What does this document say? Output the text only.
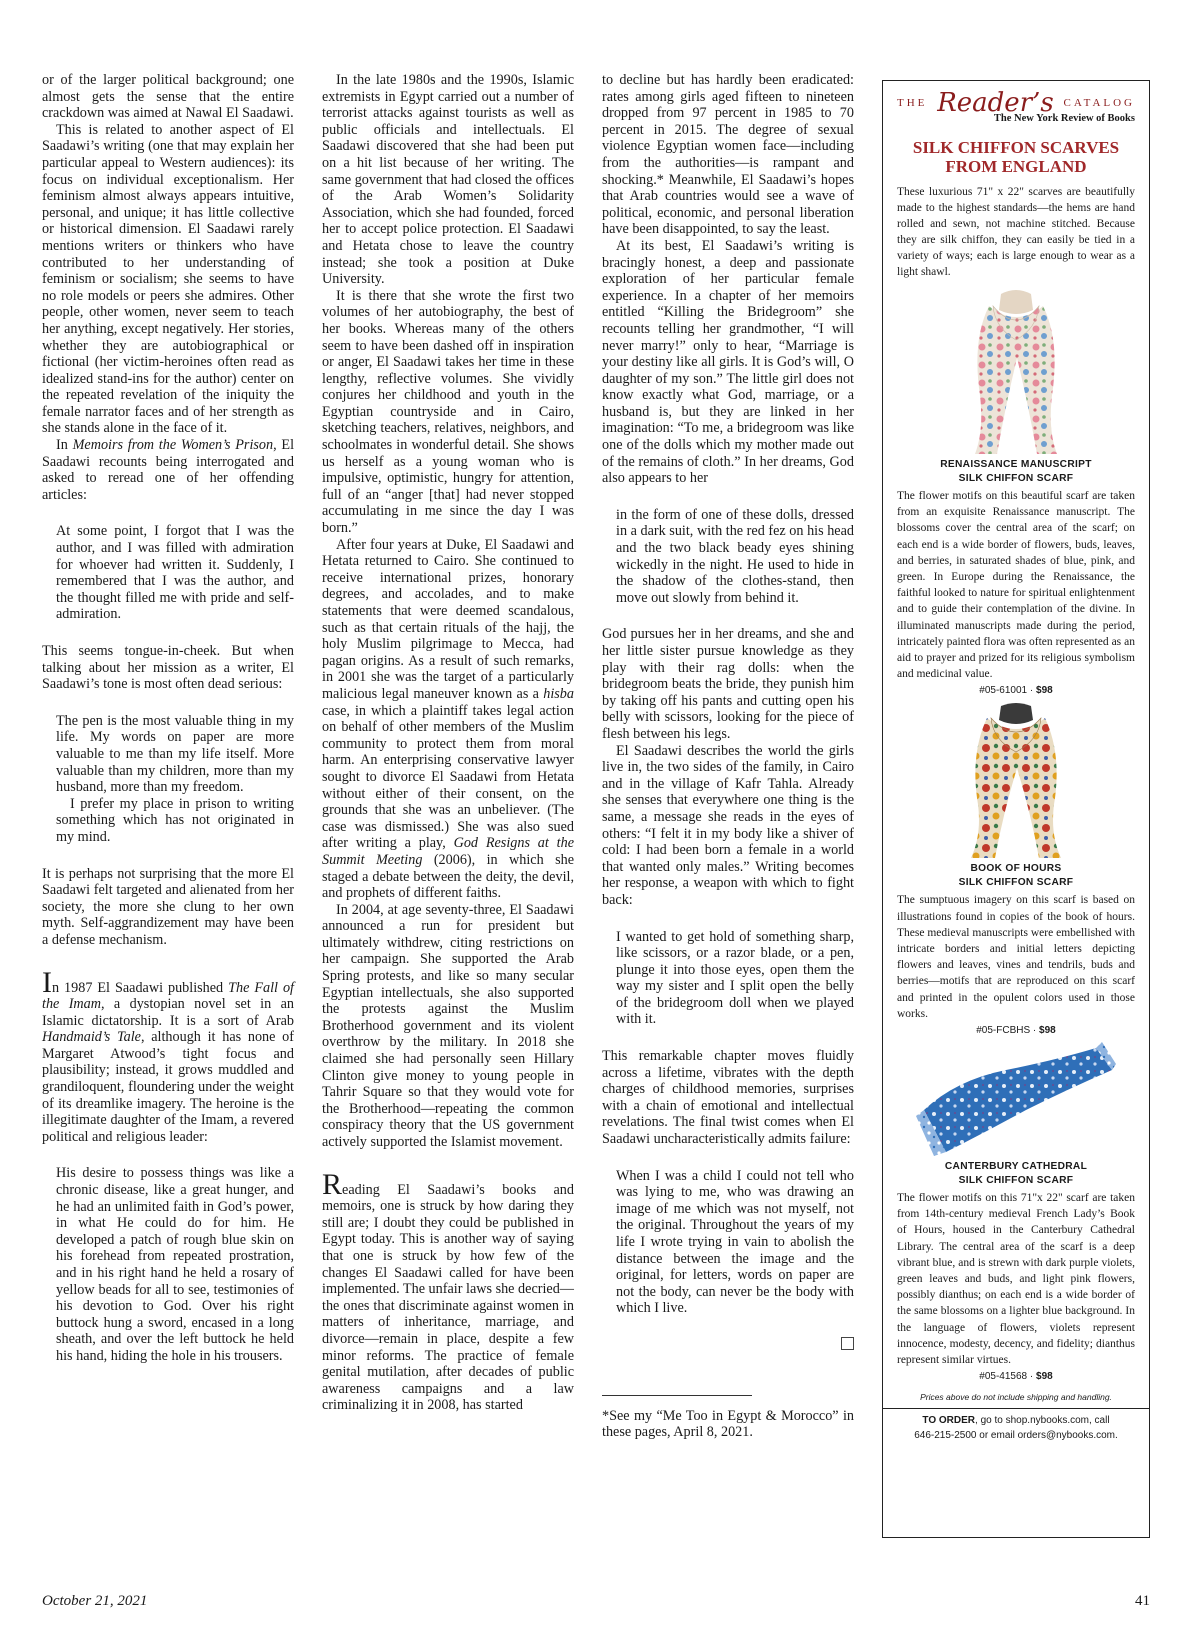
or of the larger political background; one almost gets the sense that the entire crackdown was aimed at Nawal El Saadawi.

This is related to another aspect of El Saadawi’s writing (one that may explain her particular appeal to Western audiences): its focus on individual exceptionalism. Her feminism almost always appears intuitive, personal, and unique; it has little collective or historical dimension. El Saadawi rarely mentions writers or thinkers who have contributed to her understanding of feminism or socialism; she seems to have no role models or peers she admires. Other people, other women, never seem to teach her anything, except negatively. Her stories, whether they are autobiographical or fictional (her victim-heroines often read as idealized stand-ins for the author) center on the repeated revelation of the iniquity the female narrator faces and of her strength as she stands alone in the face of it.

In Memoirs from the Women’s Prison, El Saadawi recounts being interrogated and asked to reread one of her offending articles:

At some point, I forgot that I was the author, and I was filled with admiration for whoever had written it. Suddenly, I remembered that I was the author, and the thought filled me with pride and self-admiration.

This seems tongue-in-cheek. But when talking about her mission as a writer, El Saadawi’s tone is most often dead serious:

The pen is the most valuable thing in my life. My words on paper are more valuable to me than my life itself. More valuable than my children, more than my husband, more than my freedom.

I prefer my place in prison to writing something which has not originated in my mind.

It is perhaps not surprising that the more El Saadawi felt targeted and alienated from her society, the more she clung to her own myth. Self-aggrandizement may have been a defense mechanism.

In 1987 El Saadawi published The Fall of the Imam, a dystopian novel set in an Islamic dictatorship. It is a sort of Arab Handmaid’s Tale, although it has none of Margaret Atwood’s tight focus and plausibility; instead, it grows muddled and grandiloquent, floundering under the weight of its dreamlike imagery. The heroine is the illegitimate daughter of the Imam, a revered political and religious leader:

His desire to possess things was like a chronic disease, like a great hunger, and he had an unlimited faith in God’s power, in what He could do for him. He developed a patch of rough blue skin on his forehead from repeated prostration, and in his right hand he held a rosary of yellow beads for all to see, testimonies of his devotion to God. Over his right buttock hung a sword, encased in a long sheath, and over the left buttock he held his hand, hiding the hole in his trousers.

In the late 1980s and the 1990s, Islamic extremists in Egypt carried out a number of terrorist attacks against tourists as well as public officials and intellectuals. El Saadawi discovered that she had been put on a hit list because of her writing. The same government that had closed the offices of the Arab Women’s Solidarity Association, which she had founded, forced her to accept police protection. El Saadawi and Hetata chose to leave the country instead; she took a position at Duke University.

It is there that she wrote the first two volumes of her autobiography, the best of her books. Whereas many of the others seem to have been dashed off in inspiration or anger, El Saadawi takes her time in these lengthy, reflective volumes. She vividly conjures her childhood and youth in the Egyptian countryside and in Cairo, sketching teachers, relatives, neighbors, and schoolmates in wonderful detail. She shows us herself as a young woman who is impulsive, optimistic, hungry for attention, full of an “anger [that] had never stopped accumulating in me since the day I was born.”

After four years at Duke, El Saadawi and Hetata returned to Cairo. She continued to receive international prizes, honorary degrees, and accolades, and to make statements that were deemed scandalous, such as that certain rituals of the hajj, the holy Muslim pilgrimage to Mecca, had pagan origins. As a result of such remarks, in 2001 she was the target of a particularly malicious legal maneuver known as a hisba case, in which a plaintiff takes legal action on behalf of other members of the Muslim community to protect them from moral harm. An enterprising conservative lawyer sought to divorce El Saadawi from Hetata without either of their consent, on the grounds that she was an unbeliever. (The case was dismissed.) She was also sued after writing a play, God Resigns at the Summit Meeting (2006), in which she staged a debate between the deity, the devil, and prophets of different faiths.

In 2004, at age seventy-three, El Saadawi announced a run for president but ultimately withdrew, citing restrictions on her campaign. She supported the Arab Spring protests, and like so many secular Egyptian intellectuals, she also supported the protests against the Muslim Brotherhood government and its violent overthrow by the military. In 2018 she claimed she had personally seen Hillary Clinton give money to young people in Tahrir Square so that they would vote for the Brotherhood—repeating the common conspiracy theory that the US government actively supported the Islamist movement.

Reading El Saadawi’s books and memoirs, one is struck by how daring they still are; I doubt they could be published in Egypt today. This is another way of saying that one is struck by how few of the changes El Saadawi called for have been implemented. The unfair laws she decried—the ones that discriminate against women in matters of inheritance, marriage, and divorce—remain in place, despite a few minor reforms. The practice of female genital mutilation, after decades of public awareness campaigns and a law criminalizing it in 2008, has started

to decline but has hardly been eradicated: rates among girls aged fifteen to nineteen dropped from 97 percent in 1985 to 70 percent in 2015. The degree of sexual violence Egyptian women face—including from the authorities—is rampant and shocking.* Meanwhile, El Saadawi’s hopes that Arab countries would see a wave of political, economic, and personal liberation have been disappointed, to say the least.

At its best, El Saadawi’s writing is bracingly honest, a deep and passionate exploration of her particular female experience. In a chapter of her memoirs entitled “Killing the Bridegroom” she recounts telling her grandmother, “I will never marry!” only to hear, “Marriage is your destiny like all girls. It is God’s will, O daughter of my son.” The little girl does not know exactly what God, marriage, or a husband is, but they are linked in her imagination: “To me, a bridegroom was like one of the dolls which my mother made out of the remains of cloth.” In her dreams, God also appears to her

in the form of one of these dolls, dressed in a dark suit, with the red fez on his head and the two black beady eyes shining wickedly in the night. He used to hide in the shadow of the clothes-stand, then move out slowly from behind it.

God pursues her in her dreams, and she and her little sister pursue knowledge as they play with their rag dolls: when the bridegroom beats the bride, they punish him by taking off his pants and cutting open his belly with scissors, looking for the piece of flesh between his legs.

El Saadawi describes the world the girls live in, the two sides of the family, in Cairo and in the village of Kafr Tahla. Already she senses that everywhere one thing is the same, a message she reads in the eyes of others: “I felt it in my body like a shiver of cold: I had been born a female in a world that wanted only males.” Writing becomes her response, a weapon with which to fight back:

I wanted to get hold of something sharp, like scissors, or a razor blade, or a pen, plunge it into those eyes, open them the way my sister and I split open the belly of the bridegroom doll when we played with it.

This remarkable chapter moves fluidly across a lifetime, vibrates with the depth charges of childhood memories, surprises with a chain of emotional and intellectual revelations. The final twist comes when El Saadawi uncharacteristically admits failure:

When I was a child I could not tell who was lying to me, who was drawing an image of me which was not myself, not the original. Throughout the years of my life I wrote trying in vain to abolish the distance between the image and the original, for letters, words on paper are not the body, can never be the body with which I live.

*See my “Me Too in Egypt & Morocco” in these pages, April 8, 2021.

THE Reader’s CATALOG
The New York Review of Books
SILK CHIFFON SCARVES FROM ENGLAND
These luxurious 71" x 22" scarves are beautifully made to the highest standards—the hems are hand rolled and sewn, not machine stitched. Because they are silk chiffon, they can easily be tied in a variety of ways; each is large enough to wear as a light shawl.
RENAISSANCE MANUSCRIPT
SILK CHIFFON SCARF
The flower motifs on this beautiful scarf are taken from an exquisite Renaissance manuscript. The blossoms cover the central area of the scarf; on each end is a wide border of flowers, buds, leaves, and berries, in saturated shades of blue, pink, and green. In Europe during the Renaissance, the faithful looked to nature for spiritual enlightenment and to guide their contemplation of the divine. In illuminated manuscripts made during the period, intricately painted flora was often represented as an aid to prayer and prized for its religious symbolism and medicinal value.
#05-61001 · $98
BOOK OF HOURS
SILK CHIFFON SCARF
The sumptuous imagery on this scarf is based on illustrations found in copies of the book of hours. These medieval manuscripts were embellished with intricate borders and initial letters depicting flowers and leaves, vines and tendrils, buds and berries—motifs that are reproduced on this scarf and printed in the opulent colors used in those works.
#05-FCBHS · $98
CANTERBURY CATHEDRAL
SILK CHIFFON SCARF
The flower motifs on this 71"x 22" scarf are taken from 14th-century medieval French Lady’s Book of Hours, housed in the Canterbury Cathedral Library. The central area of the scarf is a deep vibrant blue, and is strewn with dark purple violets, green leaves and buds, and light pink flowers, possibly dianthus; on each end is a wide border of the same blossoms on a lighter blue background. In the language of flowers, violets represent innocence, modesty, decency, and fidelity; dianthus represent similar virtues.
#05-41568 · $98
Prices above do not include shipping and handling.
TO ORDER, go to shop.nybooks.com, call
646-215-2500 or email orders@nybooks.com.
October 21, 2021	41
